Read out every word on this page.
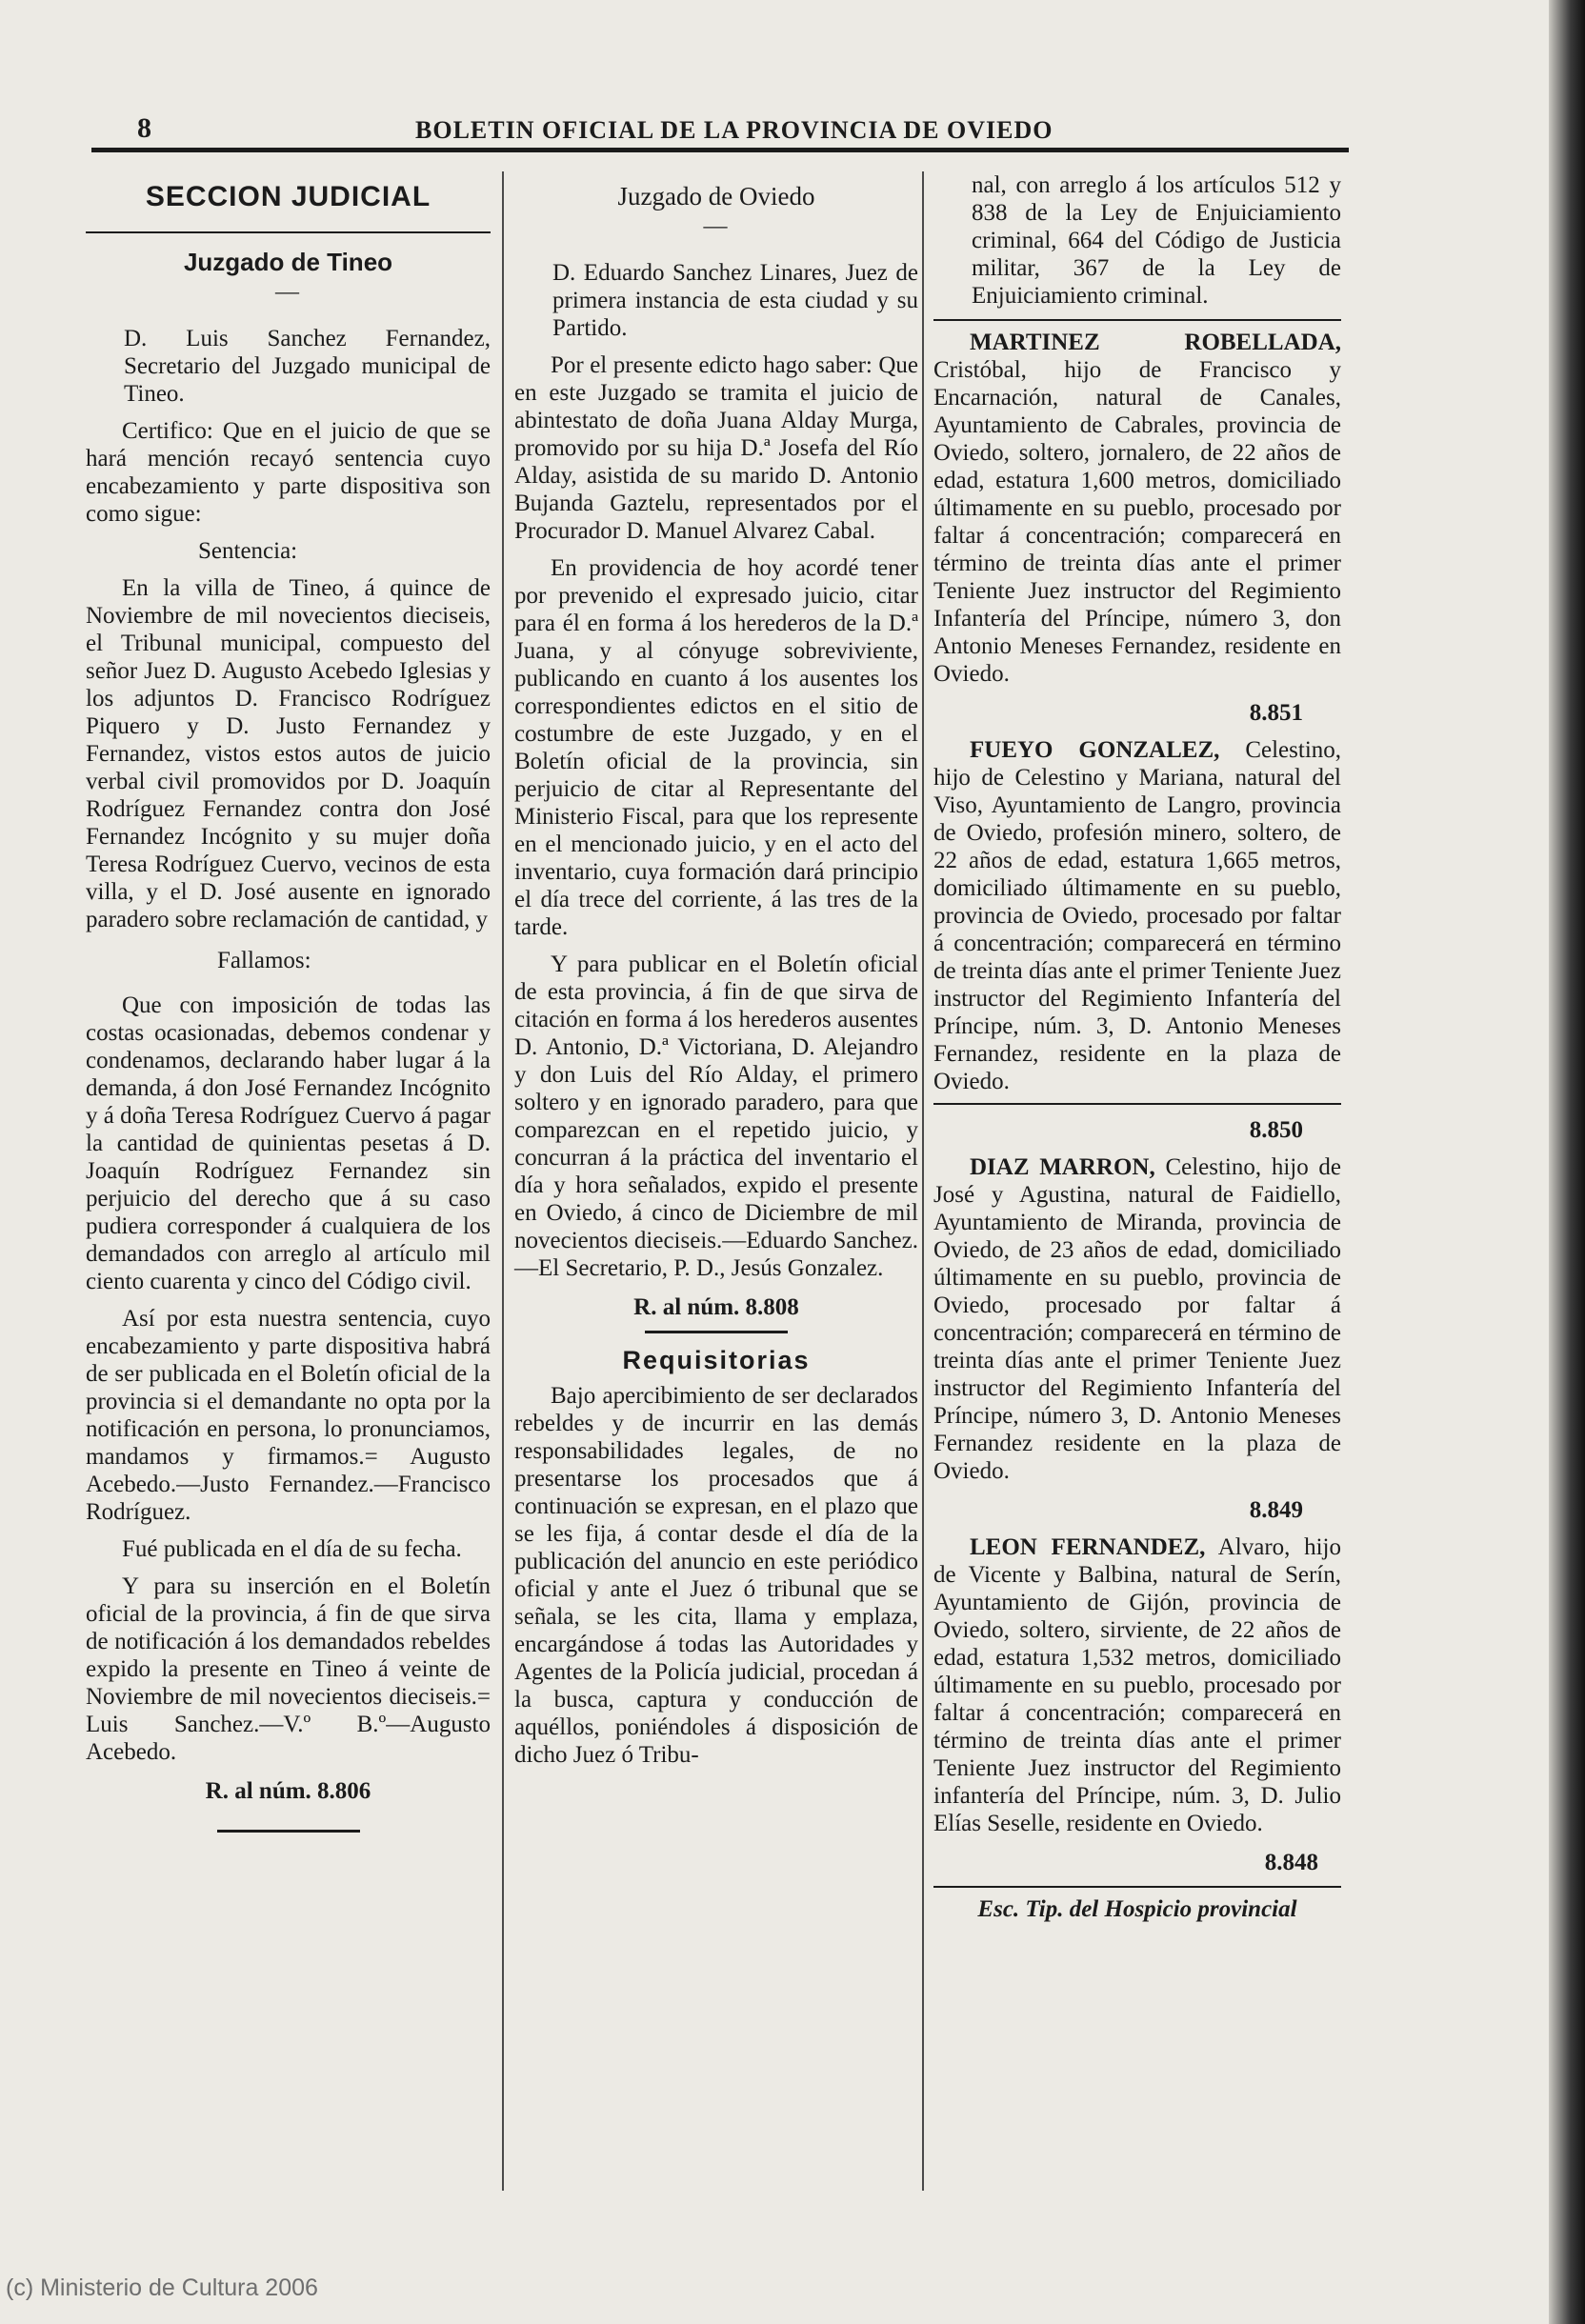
8	BOLETIN OFICIAL DE LA PROVINCIA DE OVIEDO
SECCION JUDICIAL
Juzgado de Tineo
—

D. Luis Sanchez Fernandez, Secretario del Juzgado municipal de Tineo.

Certifico: Que en el juicio de que se hará mención recayó sentencia cuyo encabezamiento y parte dispositiva son como sigue:

Sentencia:

En la villa de Tineo, á quince de Noviembre de mil novecientos dieciseis, el Tribunal municipal, compuesto del señor Juez D. Augusto Acebedo Iglesias y los adjuntos D. Francisco Rodríguez Piquero y D. Justo Fernandez y Fernandez, vistos estos autos de juicio verbal civil promovidos por D. Joaquín Rodríguez Fernandez contra don José Fernandez Incógnito y su mujer doña Teresa Rodríguez Cuervo, vecinos de esta villa, y el D. José ausente en ignorado paradero sobre reclamación de cantidad, y

Fallamos:

Que con imposición de todas las costas ocasionadas, debemos condenar y condenamos, declarando haber lugar á la demanda, á don José Fernandez Incógnito y á doña Teresa Rodríguez Cuervo á pagar la cantidad de quinientas pesetas á D. Joaquín Rodríguez Fernandez sin perjuicio del derecho que á su caso pudiera corresponder á cualquiera de los demandados con arreglo al artículo mil ciento cuarenta y cinco del Código civil.

Así por esta nuestra sentencia, cuyo encabezamiento y parte dispositiva habrá de ser publicada en el Boletín oficial de la provincia si el demandante no opta por la notificación en persona, lo pronunciamos, mandamos y firmamos.= Augusto Acebedo.—Justo Fernandez.—Francisco Rodríguez.

Fué publicada en el día de su fecha.

Y para su inserción en el Boletín oficial de la provincia, á fin de que sirva de notificación á los demandados rebeldes expido la presente en Tineo á veinte de Noviembre de mil novecientos dieciseis.= Luis Sanchez.—V.º B.º—Augusto Acebedo.

R. al núm. 8.806
Juzgado de Oviedo
—

D. Eduardo Sanchez Linares, Juez de primera instancia de esta ciudad y su Partido.

Por el presente edicto hago saber: Que en este Juzgado se tramita el juicio de abintestato de doña Juana Alday Murga, promovido por su hija D.ª Josefa del Río Alday, asistida de su marido D. Antonio Bujanda Gaztelu, representados por el Procurador D. Manuel Alvarez Cabal.

En providencia de hoy acordé tener por prevenido el expresado juicio, citar para él en forma á los herederos de la D.ª Juana, y al cónyuge sobreviviente, publicando en cuanto á los ausentes los correspondientes edictos en el sitio de costumbre de este Juzgado, y en el Boletín oficial de la provincia, sin perjuicio de citar al Representante del Ministerio Fiscal, para que los represente en el mencionado juicio, y en el acto del inventario, cuya formación dará principio el día trece del corriente, á las tres de la tarde.

Y para publicar en el Boletín oficial de esta provincia, á fin de que sirva de citación en forma á los herederos ausentes D. Antonio, D.ª Victoriana, D. Alejandro y don Luis del Río Alday, el primero soltero y en ignorado paradero, para que comparezcan en el repetido juicio, y concurran á la práctica del inventario el día y hora señalados, expido el presente en Oviedo, á cinco de Diciembre de mil novecientos dieciseis.—Eduardo Sanchez.—El Secretario, P. D., Jesús Gonzalez.

R. al núm. 8.808
Requisitorias

Bajo apercibimiento de ser declarados rebeldes y de incurrir en las demás responsabilidades legales, de no presentarse los procesados que á continuación se expresan, en el plazo que se les fija, á contar desde el día de la publicación del anuncio en este periódico oficial y ante el Juez ó tribunal que se señala, se les cita, llama y emplaza, encargándose á todas las Autoridades y Agentes de la Policía judicial, procedan á la busca, captura y conducción de aquéllos, poniéndoles á disposición de dicho Juez ó Tribu-

nal, con arreglo á los artículos 512 y 838 de la Ley de Enjuiciamiento criminal, 664 del Código de Justicia militar, 367 de la Ley de Enjuiciamiento criminal.

MARTINEZ ROBELLADA, Cristóbal, hijo de Francisco y Encarnación, natural de Canales, Ayuntamiento de Cabrales, provincia de Oviedo, soltero, jornalero, de 22 años de edad, estatura 1,600 metros, domiciliado últimamente en su pueblo, procesado por faltar á concentración; comparecerá en término de treinta días ante el primer Teniente Juez instructor del Regimiento Infantería del Príncipe, número 3, don Antonio Meneses Fernandez, residente en Oviedo.

8.851

FUEYO GONZALEZ, Celestino, hijo de Celestino y Mariana, natural del Viso, Ayuntamiento de Langro, provincia de Oviedo, profesión minero, soltero, de 22 años de edad, estatura 1,665 metros, domiciliado últimamente en su pueblo, provincia de Oviedo, procesado por faltar á concentración; comparecerá en término de treinta días ante el primer Teniente Juez instructor del Regimiento Infantería del Príncipe, núm. 3, D. Antonio Meneses Fernandez, residente en la plaza de Oviedo.

8.850

DIAZ MARRON, Celestino, hijo de José y Agustina, natural de Faidiello, Ayuntamiento de Miranda, provincia de Oviedo, de 23 años de edad, domiciliado últimamente en su pueblo, provincia de Oviedo, procesado por faltar á concentración; comparecerá en término de treinta días ante el primer Teniente Juez instructor del Regimiento Infantería del Príncipe, número 3, D. Antonio Meneses Fernandez residente en la plaza de Oviedo.

8.849

LEON FERNANDEZ, Alvaro, hijo de Vicente y Balbina, natural de Serín, Ayuntamiento de Gijón, provincia de Oviedo, soltero, sirviente, de 22 años de edad, estatura 1,532 metros, domiciliado últimamente en su pueblo, procesado por faltar á concentración; comparecerá en término de treinta días ante el primer Teniente Juez instructor del Regimiento infantería del Príncipe, núm. 3, D. Julio Elías Seselle, residente en Oviedo.

8.848
Esc. Tip. del Hospicio provincial
(c) Ministerio de Cultura 2006
